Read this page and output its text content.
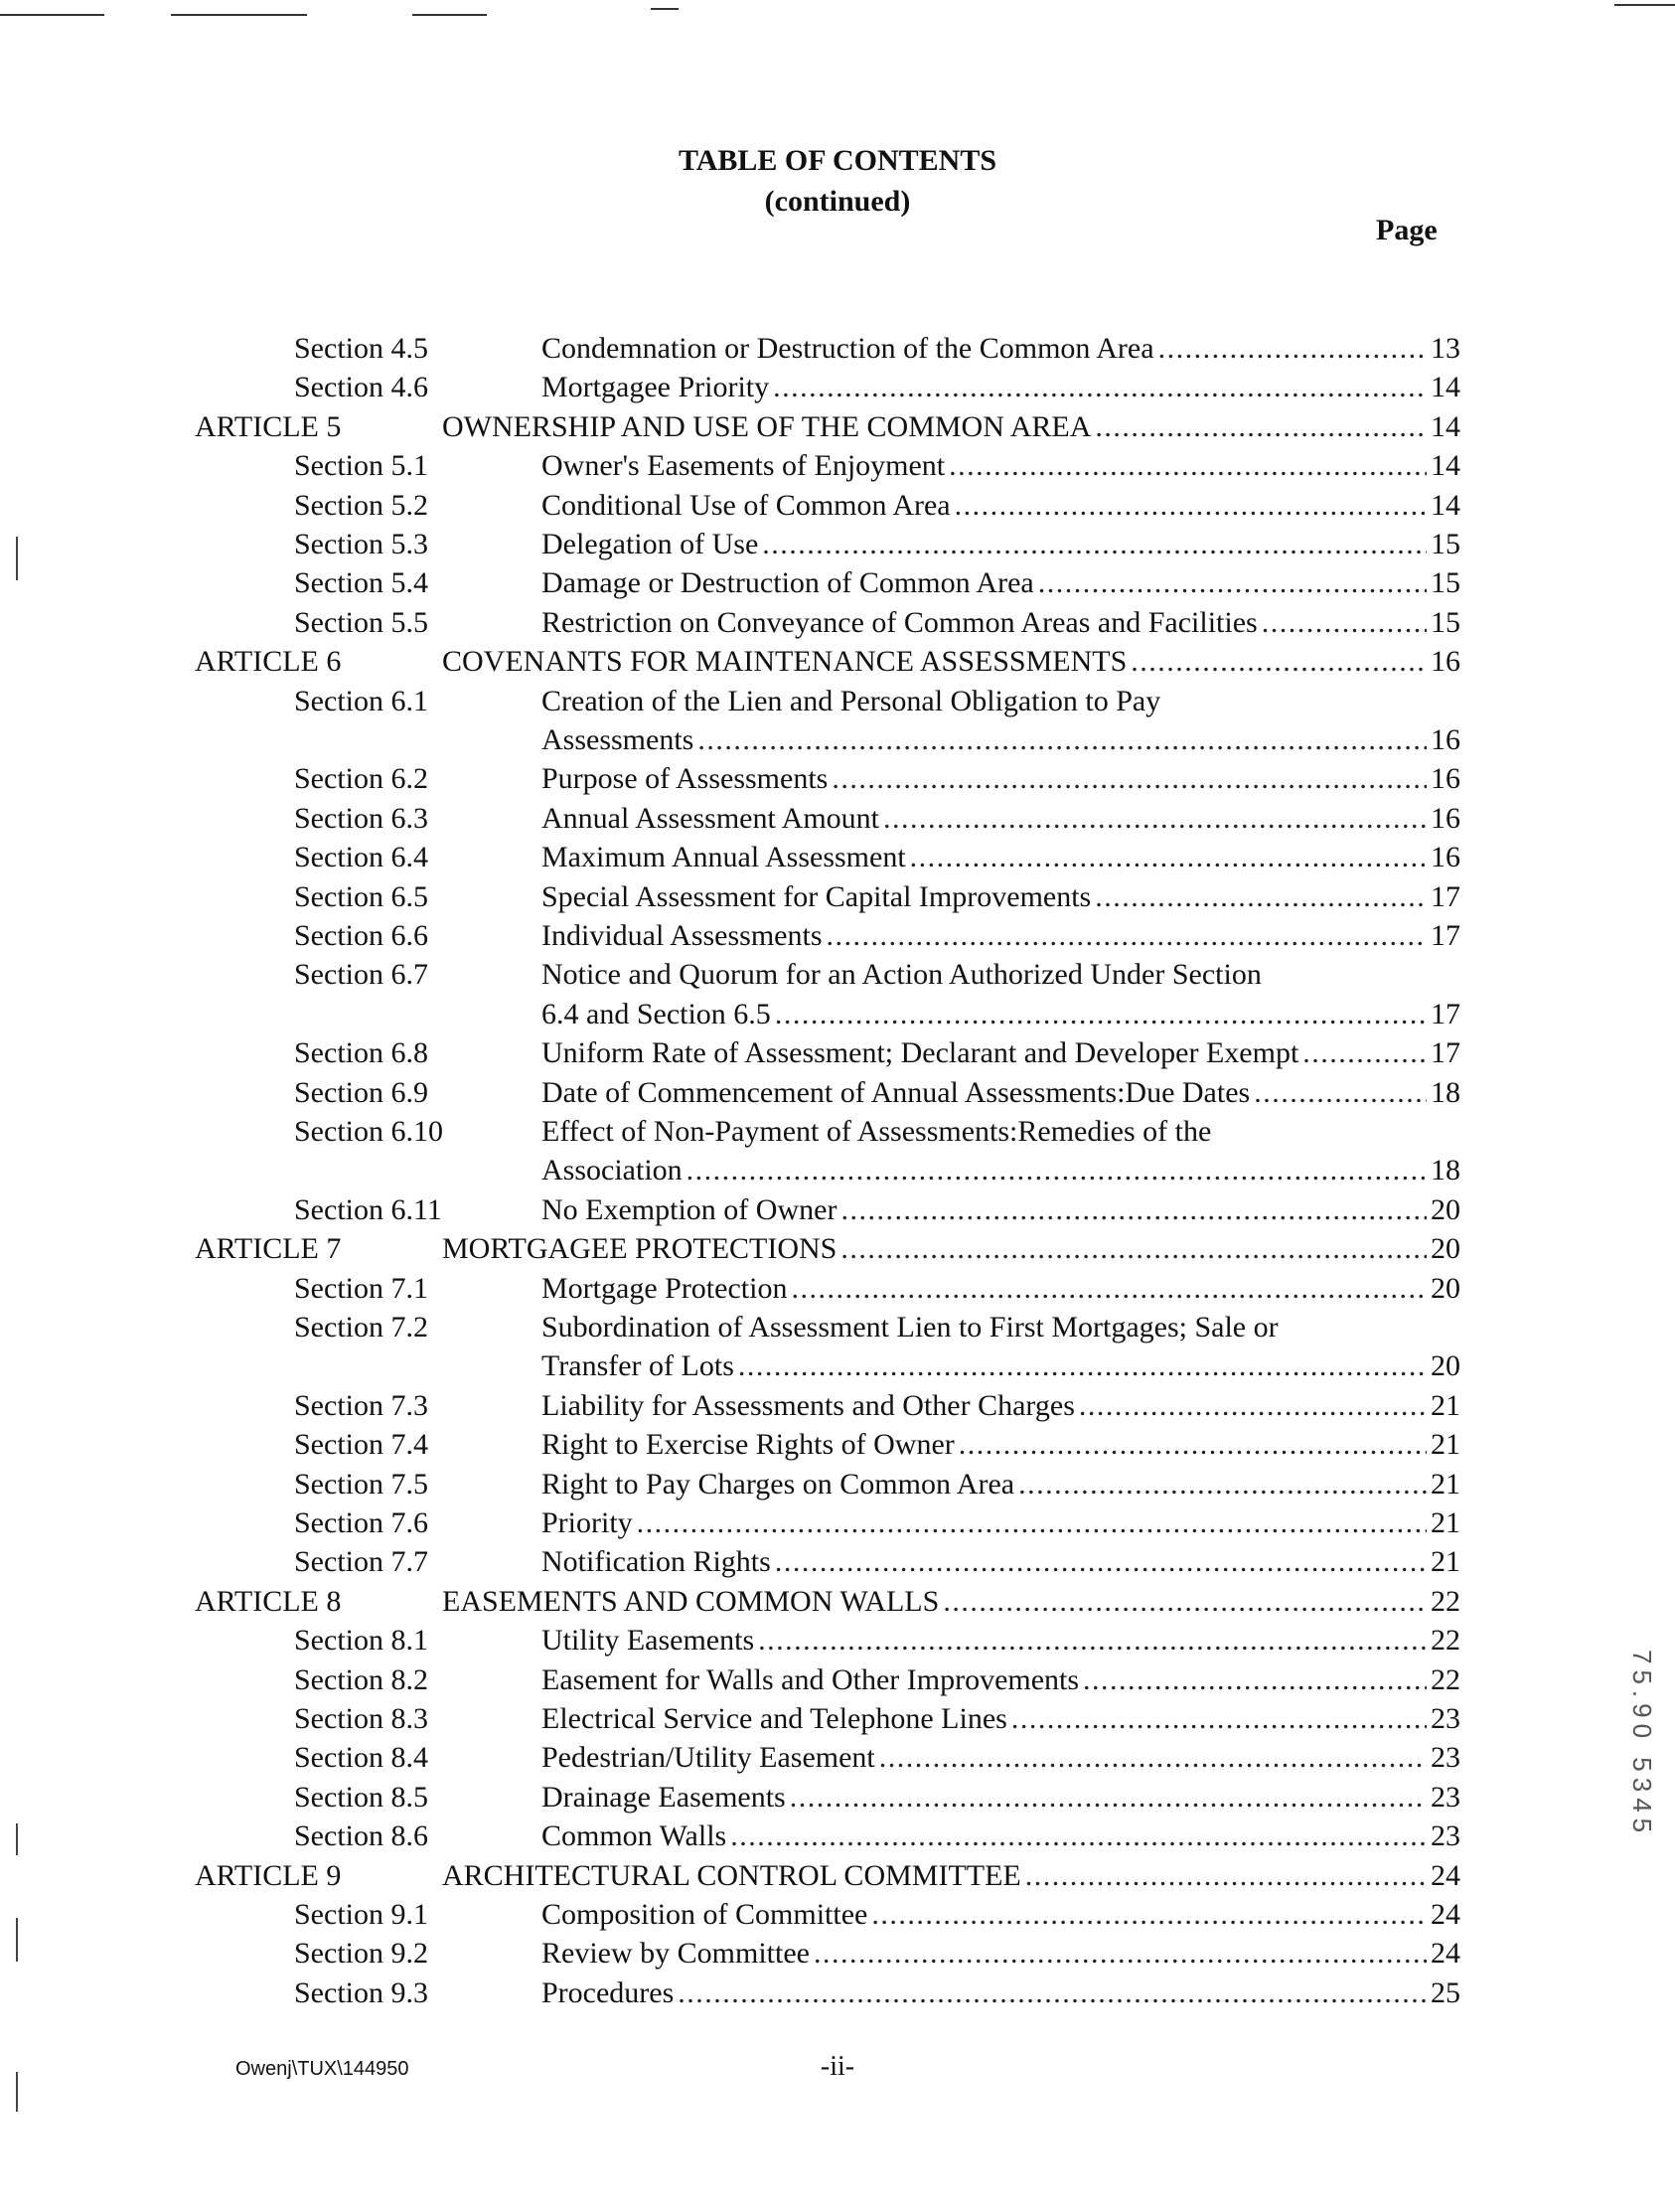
TABLE OF CONTENTS
(continued)
Page
Section 4.5	Condemnation or Destruction of the Common Area . . .	13
Section 4.6	Mortgagee Priority . . .	14
ARTICLE 5	OWNERSHIP AND USE OF THE COMMON AREA . . .	14
Section 5.1	Owner's Easements of Enjoyment . . .	14
Section 5.2	Conditional Use of Common Area . . .	14
Section 5.3	Delegation of Use . . .	15
Section 5.4	Damage or Destruction of Common Area . . .	15
Section 5.5	Restriction on Conveyance of Common Areas and Facilities . . .	15
ARTICLE 6	COVENANTS FOR MAINTENANCE ASSESSMENTS . . .	16
Section 6.1	Creation of the Lien and Personal Obligation to Pay
Assessments . . .	16
Section 6.2	Purpose of Assessments . . .	16
Section 6.3	Annual Assessment Amount . . .	16
Section 6.4	Maximum Annual Assessment . . .	16
Section 6.5	Special Assessment for Capital Improvements . . .	17
Section 6.6	Individual Assessments . . .	17
Section 6.7	Notice and Quorum for an Action Authorized Under Section
6.4 and Section 6.5 . . .	17
Section 6.8	Uniform Rate of Assessment; Declarant and Developer Exempt . . .	17
Section 6.9	Date of Commencement of Annual Assessments:Due Dates . . .	18
Section 6.10	Effect of Non-Payment of Assessments:Remedies of the
Association . . .	18
Section 6.11	No Exemption of Owner . . .	20
ARTICLE 7	MORTGAGEE PROTECTIONS . . .	20
Section 7.1	Mortgage Protection . . .	20
Section 7.2	Subordination of Assessment Lien to First Mortgages; Sale or
Transfer of Lots . . .	20
Section 7.3	Liability for Assessments and Other Charges . . .	21
Section 7.4	Right to Exercise Rights of Owner . . .	21
Section 7.5	Right to Pay Charges on Common Area . . .	21
Section 7.6	Priority . . .	21
Section 7.7	Notification Rights . . .	21
ARTICLE 8	EASEMENTS AND COMMON WALLS . . .	22
Section 8.1	Utility Easements . . .	22
Section 8.2	Easement for Walls and Other Improvements . . .	22
Section 8.3	Electrical Service and Telephone Lines . . .	23
Section 8.4	Pedestrian/Utility Easement . . .	23
Section 8.5	Drainage Easements . . .	23
Section 8.6	Common Walls . . .	23
ARTICLE 9	ARCHITECTURAL CONTROL COMMITTEE . . .	24
Section 9.1	Composition of Committee . . .	24
Section 9.2	Review by Committee . . .	24
Section 9.3	Procedures . . .	25
Owenj\TUX\144950	-ii-
75.90 5345
